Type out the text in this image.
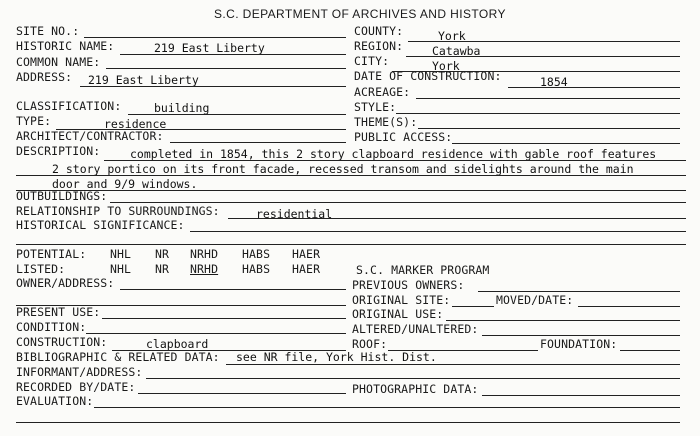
S.C. DEPARTMENT OF ARCHIVES AND HISTORY
SITE NO.:
HISTORIC NAME:	219 East Liberty
COMMON NAME:
ADDRESS: 219 East Liberty
COUNTY:	York
REGION:	Catawba
CITY:	York
DATE OF CONSTRUCTION:	1854
ACREAGE:
CLASSIFICATION:	building	STYLE:
TYPE:	residence	THEME(S):
ARCHITECT/CONTRACTOR:	PUBLIC ACCESS:
DESCRIPTION:	completed in 1854, this 2 story clapboard residence with gable roof features
2 story portico on its front facade, recessed transom and sidelights around the main
door and 9/9 windows.
OUTBUILDINGS:
RELATIONSHIP TO SURROUNDINGS:	residential
HISTORICAL SIGNIFICANCE:
POTENTIAL: NHL NR NRHD HABS HAER
LISTED:	NHL NR NRHD HABS HAER	S.C. MARKER PROGRAM
OWNER/ADDRESS:
PRESENT USE:
CONDITION:
CONSTRUCTION:	clapboard
PREVIOUS OWNERS:
ORIGINAL SITE:	MOVED/DATE:
ORIGINAL USE:
ALTERED/UNALTERED:
ROOF:	FOUNDATION:
BIBLIOGRAPHIC & RELATED DATA: see NR file, York Hist. Dist.
INFORMANT/ADDRESS:
RECORDED BY/DATE:	PHOTOGRAPHIC DATA:
EVALUATION:
